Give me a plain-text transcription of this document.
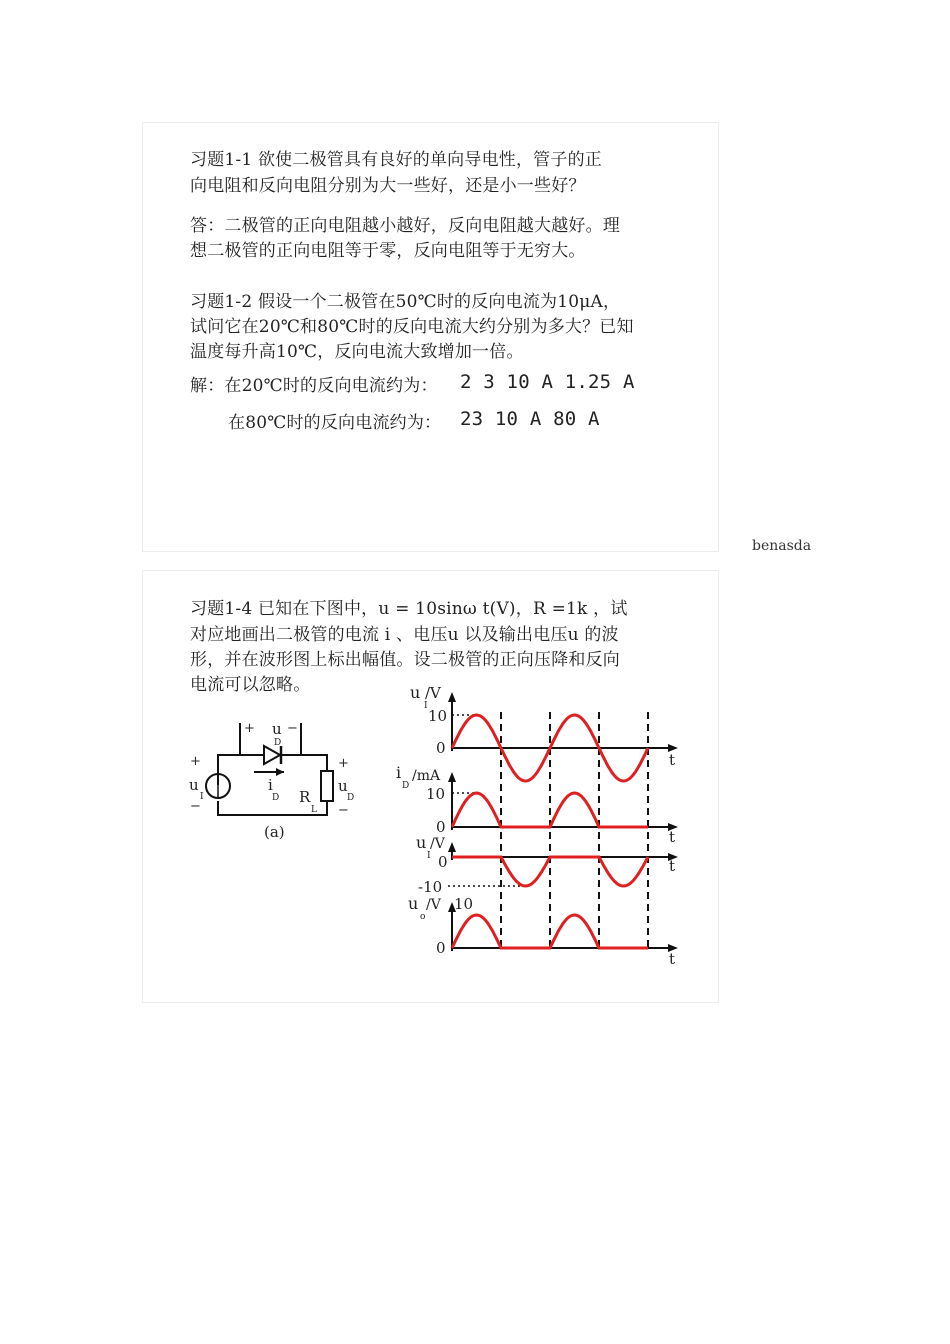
习题1-1 欲使二极管具有良好的单向导电性，管子的正
向电阻和反向电阻分别为大一些好，还是小一些好？
答：二极管的正向电阻越小越好，反向电阻越大越好。理
想二极管的正向电阻等于零，反向电阻等于无穷大。
习题1-2 假设一个二极管在50℃时的反向电流为10μA，
试问它在20℃和80℃时的反向电流大约分别为多大？已知
温度每升高10℃，反向电流大致增加一倍。
解：在20℃时的反向电流约为： 2 3 10 A 1.25 A
在80℃时的反向电流约为： 23 10 A 80 A
benasda
习题1-4 已知在下图中，u = 10sinω t(V)，R =1k ，试
对应地画出二极管的电流 i 、电压u 以及输出电压u 的波
形，并在波形图上标出幅值。设二极管的正向压降和反向
电流可以忽略。
+ u
D
−
+
u
I
−
i
D R
L
+
u
D
−
(a)
u
I
/V
10
0
t
i
D
/mA
10
0
t
u
I
/V
0
-10
t
u
o
/V 10
0
t
